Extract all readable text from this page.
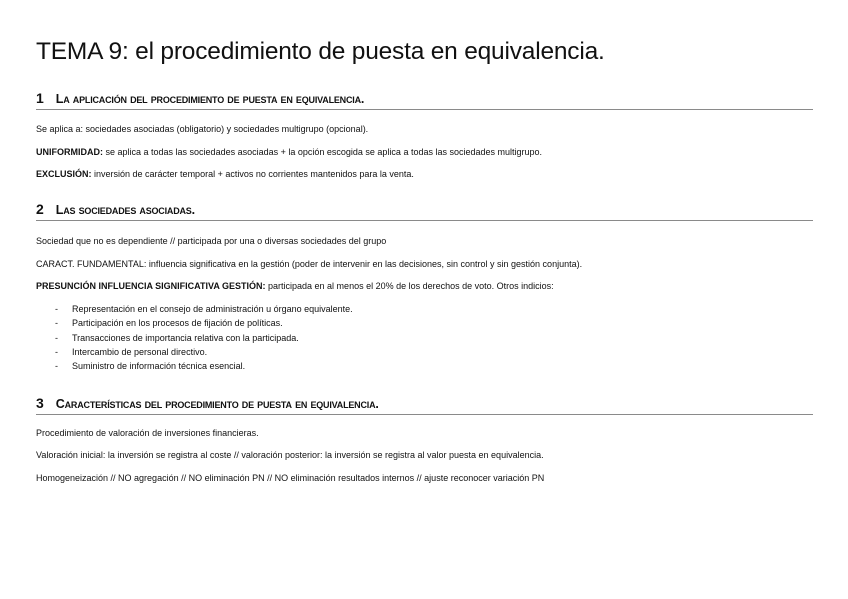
TEMA 9: el procedimiento de puesta en equivalencia.
1 La aplicación del procedimiento de puesta en equivalencia.

Se aplica a: sociedades asociadas (obligatorio) y sociedades multigrupo (opcional).

UNIFORMIDAD: se aplica a todas las sociedades asociadas + la opción escogida se aplica a todas las sociedades multigrupo.

EXCLUSIÓN: inversión de carácter temporal + activos no corrientes mantenidos para la venta.

2 Las sociedades asociadas.

Sociedad que no es dependiente // participada por una o diversas sociedades del grupo

CARACT. FUNDAMENTAL: influencia significativa en la gestión (poder de intervenir en las decisiones, sin control y sin gestión conjunta).

PRESUNCIÓN INFLUENCIA SIGNIFICATIVA GESTIÓN: participada en al menos el 20% de los derechos de voto. Otros indicios:

-	Representación en el consejo de administración u órgano equivalente.
-	Participación en los procesos de fijación de políticas.
-	Transacciones de importancia relativa con la participada.
-	Intercambio de personal directivo.
-	Suministro de información técnica esencial.
3 Características del procedimiento de puesta en equivalencia.

Procedimiento de valoración de inversiones financieras.

Valoración inicial: la inversión se registra al coste // valoración posterior: la inversión se registra al valor puesta en equivalencia.

Homogeneización // NO agregación // NO eliminación PN // NO eliminación resultados internos // ajuste reconocer variación PN
